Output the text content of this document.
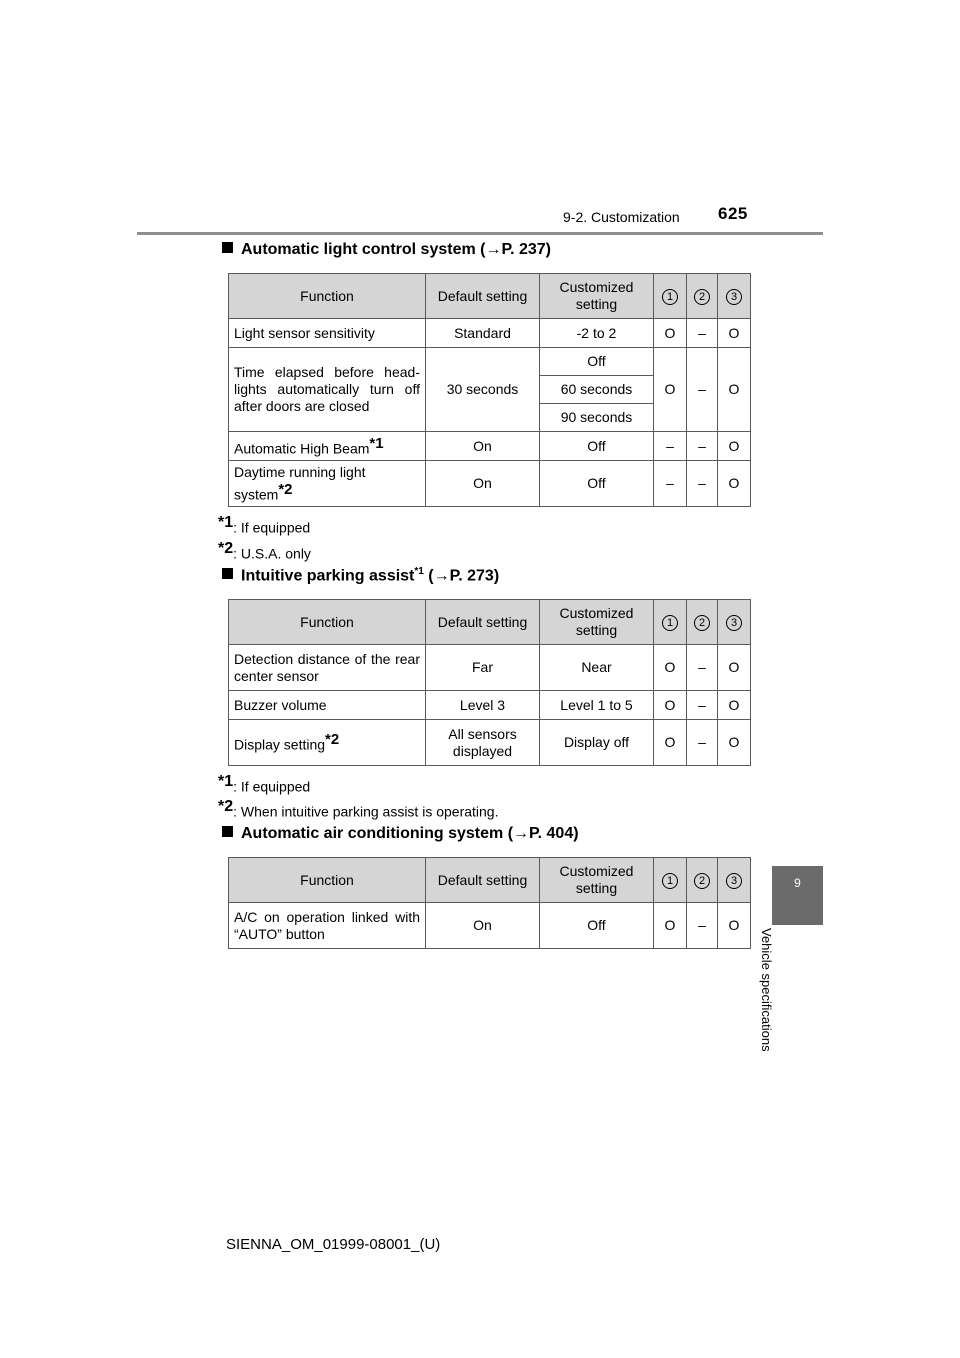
9-2. Customization 625
9
Vehicle specifications
Automatic light control system (→P. 237)
Function	Default setting	Customized setting	1	2	3
Light sensor sensitivity	Standard	-2 to 2	O	–	O
Time elapsed before head-lights automatically turn off after doors are closed	30 seconds	Off	O	–	O
		60 seconds			
		90 seconds			
Automatic High Beam$^{*1}$	On	Off	–	–	O
Daytime running light system$^{*2}$	On	Off	–	–	O
$^{*1}$: If equipped
$^{*2}$: U.S.A. only
Intuitive parking assist$^{*1}$ (→P. 273)
Function	Default setting	Customized setting	1	2	3
Detection distance of the rear center sensor	Far	Near	O	–	O
Buzzer volume	Level 3	Level 1 to 5	O	–	O
Display setting$^{*2}$	All sensors displayed	Display off	O	–	O
$^{*1}$: If equipped
$^{*2}$: When intuitive parking assist is operating.
Automatic air conditioning system (→P. 404)
Function	Default setting	Customized setting	1	2	3
A/C on operation linked with “AUTO” button	On	Off	O	–	O
SIENNA_OM_01999-08001_(U)
